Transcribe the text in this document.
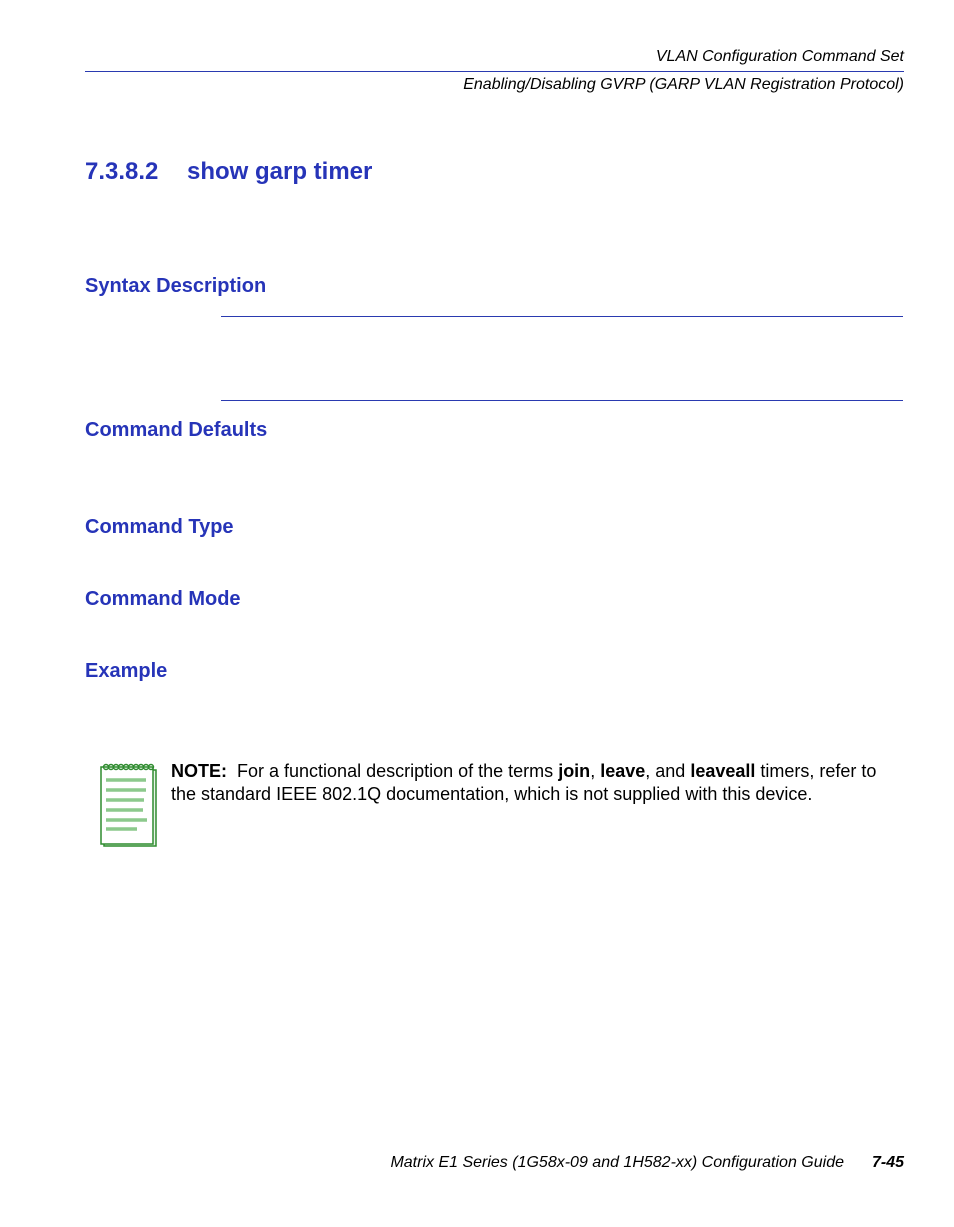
VLAN Configuration Command Set
Enabling/Disabling GVRP (GARP VLAN Registration Protocol)
7.3.8.2 show garp timer
Syntax Description
Command Defaults
Command Type
Command Mode
Example
NOTE: For a functional description of the terms join, leave, and leaveall timers, refer to the standard IEEE 802.1Q documentation, which is not supplied with this device.
Matrix E1 Series (1G58x-09 and 1H582-xx) Configuration Guide 7-45
